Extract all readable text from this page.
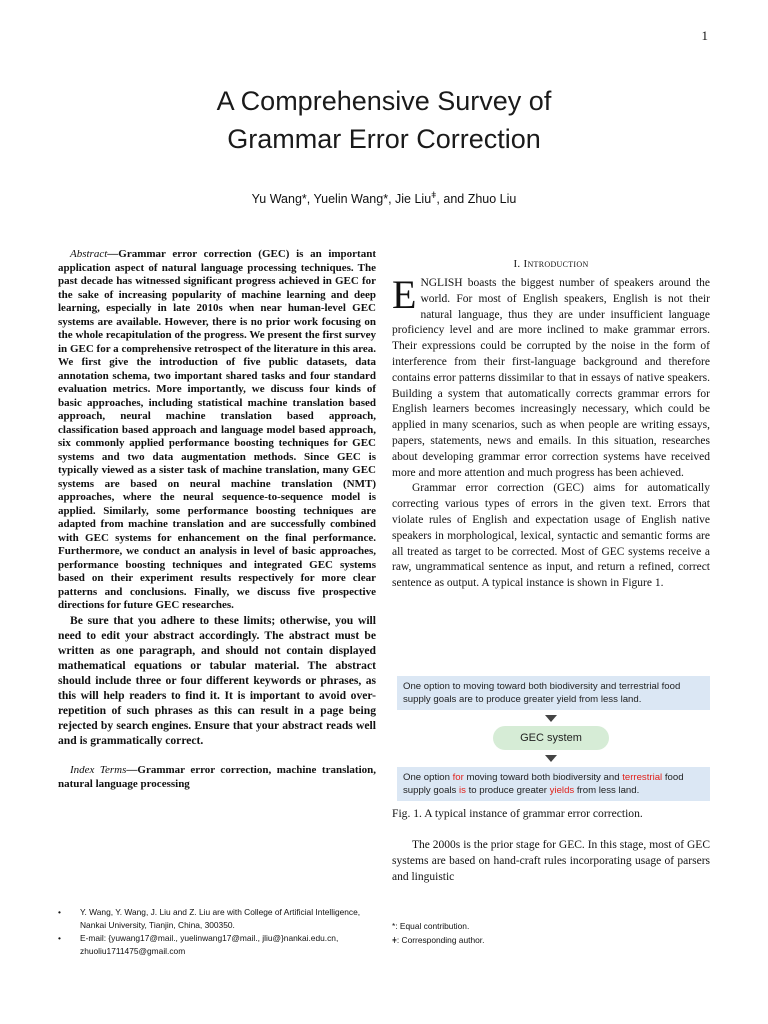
1
A Comprehensive Survey of
Grammar Error Correction
Yu Wang*, Yuelin Wang*, Jie Liu$^ǂ$, and Zhuo Liu

Abstract—Grammar error correction (GEC) is an important application aspect of natural language processing techniques. The past decade has witnessed significant progress achieved in GEC for the sake of increasing popularity of machine learning and deep learning, especially in late 2010s when near human-level GEC systems are available. However, there is no prior work focusing on the whole recapitulation of the progress. We present the first survey in GEC for a comprehensive retrospect of the literature in this area. We first give the introduction of five public datasets, data annotation schema, two important shared tasks and four standard evaluation metrics. More importantly, we discuss four kinds of basic approaches, including statistical machine translation based approach, neural machine translation based approach, classification based approach and language model based approach, six commonly applied performance boosting techniques for GEC systems and two data augmentation methods. Since GEC is typically viewed as a sister task of machine translation, many GEC systems are based on neural machine translation (NMT) approaches, where the neural sequence-to-sequence model is applied. Similarly, some performance boosting techniques are adapted from machine translation and are successfully combined with GEC systems for enhancement on the final performance. Furthermore, we conduct an analysis in level of basic approaches, performance boosting techniques and integrated GEC systems based on their experiment results respectively for more clear patterns and conclusions. Finally, we discuss five prospective directions for future GEC researches.

Be sure that you adhere to these limits; otherwise, you will need to edit your abstract accordingly. The abstract must be written as one paragraph, and should not contain displayed mathematical equations or tabular material. The abstract should include three or four different keywords or phrases, as this will help readers to find it. It is important to avoid over-repetition of such phrases as this can result in a page being rejected by search engines. Ensure that your abstract reads well and is grammatically correct.

Index Terms—Grammar error correction, machine translation, natural language processing

I. Introduction

ENGLISH boasts the biggest number of speakers around the world. For most of English speakers, English is not their natural language, thus they are under insufficient language proficiency level and are more inclined to make grammar errors. Their expressions could be corrupted by the noise in the form of interference from their first-language background and therefore contains error patterns dissimilar to that in essays of native speakers. Building a system that automatically corrects grammar errors for English learners becomes increasingly necessary, which could be applied in many scenarios, such as when people are writing essays, papers, statements, news and emails. In this situation, researches about developing grammar error correction systems have received more and more attention and much progress has been achieved.

Grammar error correction (GEC) aims for automatically correcting various types of errors in the given text. Errors that violate rules of English and expectation usage of English native speakers in morphological, lexical, syntactic and semantic forms are all treated as target to be corrected. Most of GEC systems receive a raw, ungrammatical sentence as input, and return a refined, correct sentence as output. A typical instance is shown in Figure 1.

One option to moving toward both biodiversity and terrestrial food supply goals are to produce greater yield from less land.
GEC system
One option for moving toward both biodiversity and terrestrial food supply goals is to produce greater yields from less land.
Fig. 1. A typical instance of grammar error correction.

The 2000s is the prior stage for GEC. In this stage, most of GEC systems are based on hand-craft rules incorporating usage of parsers and linguistic

• Y. Wang, Y. Wang, J. Liu and Z. Liu are with College of Artificial Intelligence, Nankai University, Tianjin, China, 300350.
• E-mail: {yuwang17@mail., yuelinwang17@mail., jliu@}nankai.edu.cn, zhuoliu1711475@gmail.com
*: Equal contribution.
ǂ: Corresponding author.
